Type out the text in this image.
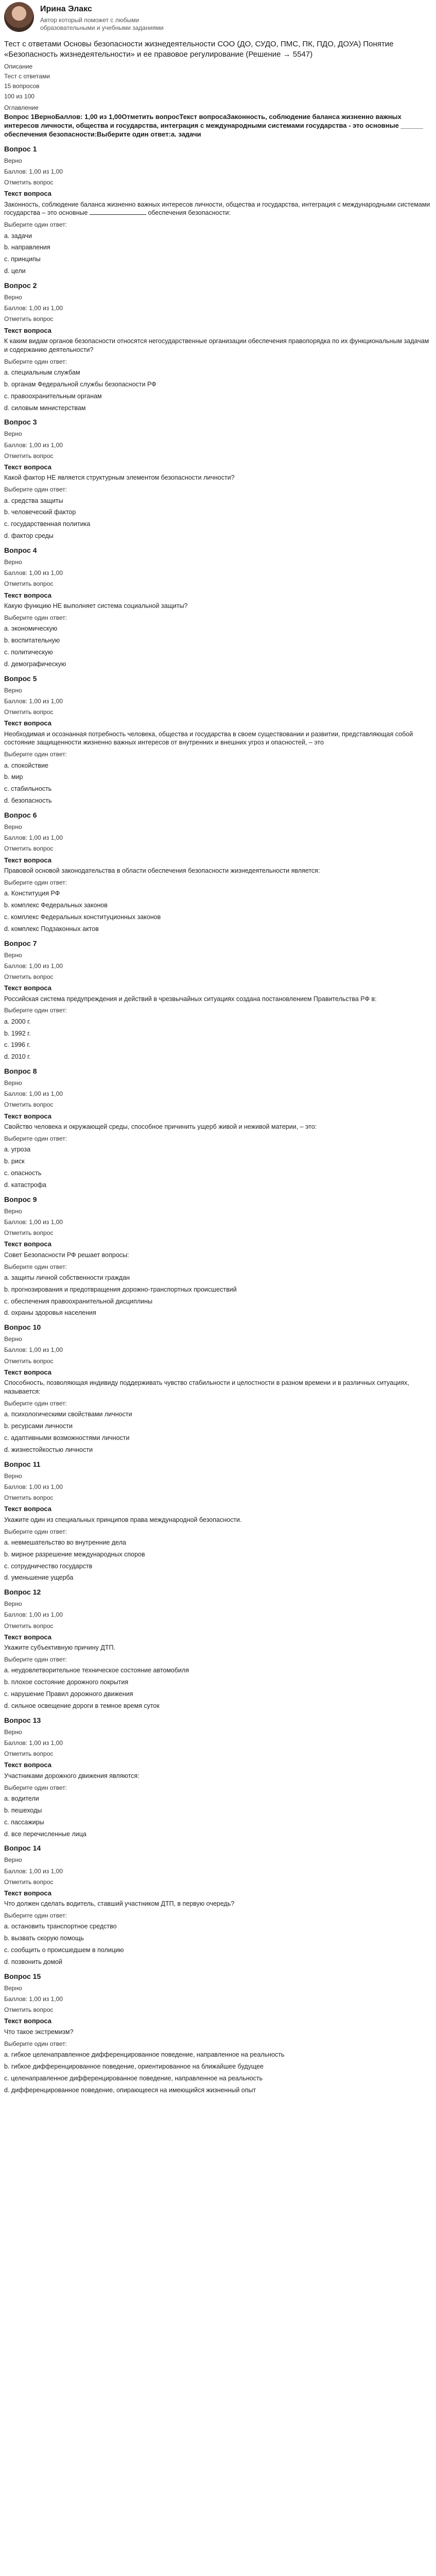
Ирина Элакс
Автор который поможет с любыми образовательными и учебными заданиями
Тест с ответами Основы безопасности жизнедеятельности СОО (ДО, СУДО, ПМС, ПК, ПДО, ДОУА) Понятие «Безопасность жизнедеятельности» и ее правовое регулирование (Решение → 5547)
Описание
Тест с ответами
15 вопросов
100 из 100
Оглавление
Вопрос 1ВерноБаллов: 1,00 из 1,00Отметить вопросТекст вопросаЗаконность, соблюдение баланса жизненно важных интересов личности, общества и государства, интеграция с международными системами государства - это основные ______ обеспечения безопасности:Выберите один ответ:а. задачи
Вопрос 1
Верно
Баллов: 1,00 из 1,00
Отметить вопрос
Текст вопроса
Законность, соблюдение баланса жизненно важных интересов личности, общества и государства, интеграция с международными системами государства – это основные	обеспечения безопасности:
Выберите один ответ:
a. задачи
b. направления
c. принципы
d. цели
Вопрос 2
Верно
Баллов: 1,00 из 1,00
Отметить вопрос
Текст вопроса
К каким видам органов безопасности относятся негосударственные организации обеспечения правопорядка по их функциональным задачам и содержанию деятельности?
Выберите один ответ:
a. специальным службам
b. органам Федеральной службы безопасности РФ
c. правоохранительным органам
d. силовым министерствам
Вопрос 3
Верно
Баллов: 1,00 из 1,00
Отметить вопрос
Текст вопроса
Какой фактор НЕ является структурным элементом безопасности личности?
Выберите один ответ:
a. средства защиты
b. человеческий фактор
c. государственная политика
d. фактор среды
Вопрос 4
Верно
Баллов: 1,00 из 1,00
Отметить вопрос
Текст вопроса
Какую функцию НЕ выполняет система социальной защиты?
Выберите один ответ:
a. экономическую
b. воспитательную
c. политическую
d. демографическую
Вопрос 5
Верно
Баллов: 1,00 из 1,00
Отметить вопрос
Текст вопроса
Необходимая и осознанная потребность человека, общества и государства в своем существовании и развитии, представляющая собой состояние защищенности жизненно важных интересов от внутренних и внешних угроз и опасностей, – это
Выберите один ответ:
a. спокойствие
b. мир
c. стабильность
d. безопасность
Вопрос 6
Верно
Баллов: 1,00 из 1,00
Отметить вопрос
Текст вопроса
Правовой основой законодательства в области обеспечения безопасности жизнедеятельности является:
Выберите один ответ:
a. Конституция РФ
b. комплекс Федеральных законов
c. комплекс Федеральных конституционных законов
d. комплекс Подзаконных актов
Вопрос 7
Верно
Баллов: 1,00 из 1,00
Отметить вопрос
Текст вопроса
Российская система предупреждения и действий в чрезвычайных ситуациях создана постановлением Правительства РФ в:
Выберите один ответ:
a. 2000 г.
b. 1992 г.
c. 1996 г.
d. 2010 г.
Вопрос 8
Верно
Баллов: 1,00 из 1,00
Отметить вопрос
Текст вопроса
Свойство человека и окружающей среды, способное причинить ущерб живой и неживой материи, – это:
Выберите один ответ:
a. угроза
b. риск
c. опасность
d. катастрофа
Вопрос 9
Верно
Баллов: 1,00 из 1,00
Отметить вопрос
Текст вопроса
Совет Безопасности РФ решает вопросы:
Выберите один ответ:
a. защиты личной собственности граждан
b. прогнозирования и предотвращения дорожно-транспортных происшествий
c. обеспечения правоохранительной дисциплины
d. охраны здоровья населения
Вопрос 10
Верно
Баллов: 1,00 из 1,00
Отметить вопрос
Текст вопроса
Способность, позволяющая индивиду поддерживать чувство стабильности и целостности в разном времени и в различных ситуациях, называется:
Выберите один ответ:
a. психологическими свойствами личности
b. ресурсами личности
c. адаптивными возможностями личности
d. жизнестойкостью личности
Вопрос 11
Верно
Баллов: 1,00 из 1,00
Отметить вопрос
Текст вопроса
Укажите один из специальных принципов права международной безопасности.
Выберите один ответ:
a. невмешательство во внутренние дела
b. мирное разрешение международных споров
c. сотрудничество государств
d. уменьшение ущерба
Вопрос 12
Верно
Баллов: 1,00 из 1,00
Отметить вопрос
Текст вопроса
Укажите субъективную причину ДТП.
Выберите один ответ:
a. неудовлетворительное техническое состояние автомобиля
b. плохое состояние дорожного покрытия
c. нарушение Правил дорожного движения
d. сильное освещение дороги в темное время суток
Вопрос 13
Верно
Баллов: 1,00 из 1,00
Отметить вопрос
Текст вопроса
Участниками дорожного движения являются:
Выберите один ответ:
a. водители
b. пешеходы
c. пассажиры
d. все перечисленные лица
Вопрос 14
Верно
Баллов: 1,00 из 1,00
Отметить вопрос
Текст вопроса
Что должен сделать водитель, ставший участником ДТП, в первую очередь?
Выберите один ответ:
a. остановить транспортное средство
b. вызвать скорую помощь
c. сообщить о происшедшем в полицию
d. позвонить домой
Вопрос 15
Верно
Баллов: 1,00 из 1,00
Отметить вопрос
Текст вопроса
Что такое экстремизм?
Выберите один ответ:
a. гибкое целенаправленное дифференцированное поведение, направленное на реальность
b. гибкое дифференцированное поведение, ориентированное на ближайшее будущее
c. целенаправленное дифференцированное поведение, направленное на реальность
d. дифференцированное поведение, опирающееся на имеющийся жизненный опыт
